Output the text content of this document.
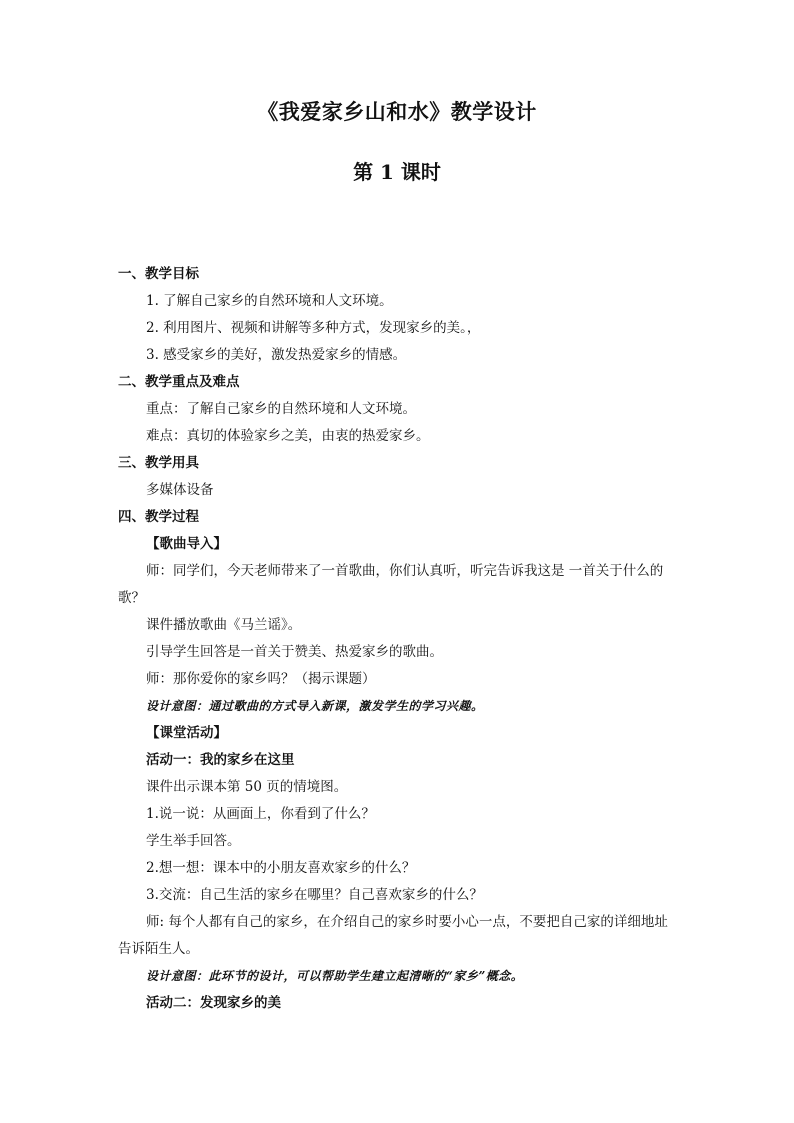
《我爱家乡山和水》教学设计
第 1 课时

一、教学目标

1. 了解自己家乡的自然环境和人文环境。

2. 利用图片、视频和讲解等多种方式，发现家乡的美。，

3. 感受家乡的美好，激发热爱家乡的情感。

二、教学重点及难点

重点：了解自己家乡的自然环境和人文环境。

难点：真切的体验家乡之美，由衷的热爱家乡。

三、教学用具

多媒体设备

四、教学过程

【歌曲导入】

师：同学们，今天老师带来了一首歌曲，你们认真听，听完告诉我这是 一首关于什么的歌？

课件播放歌曲《马兰谣》。

引导学生回答是一首关于赞美、热爱家乡的歌曲。

师：那你爱你的家乡吗？（揭示课题）

设计意图：通过歌曲的方式导入新课，激发学生的学习兴趣。

【课堂活动】

活动一：我的家乡在这里

课件出示课本第 50 页的情境图。

1.说一说：从画面上，你看到了什么？

学生举手回答。

2.想一想：课本中的小朋友喜欢家乡的什么？

3.交流：自己生活的家乡在哪里？自己喜欢家乡的什么？

师: 每个人都有自己的家乡，在介绍自己的家乡时要小心一点，不要把自己家的详细地址告诉陌生人。

设计意图：此环节的设计，可以帮助学生建立起清晰的“家乡”概念。

活动二：发现家乡的美
